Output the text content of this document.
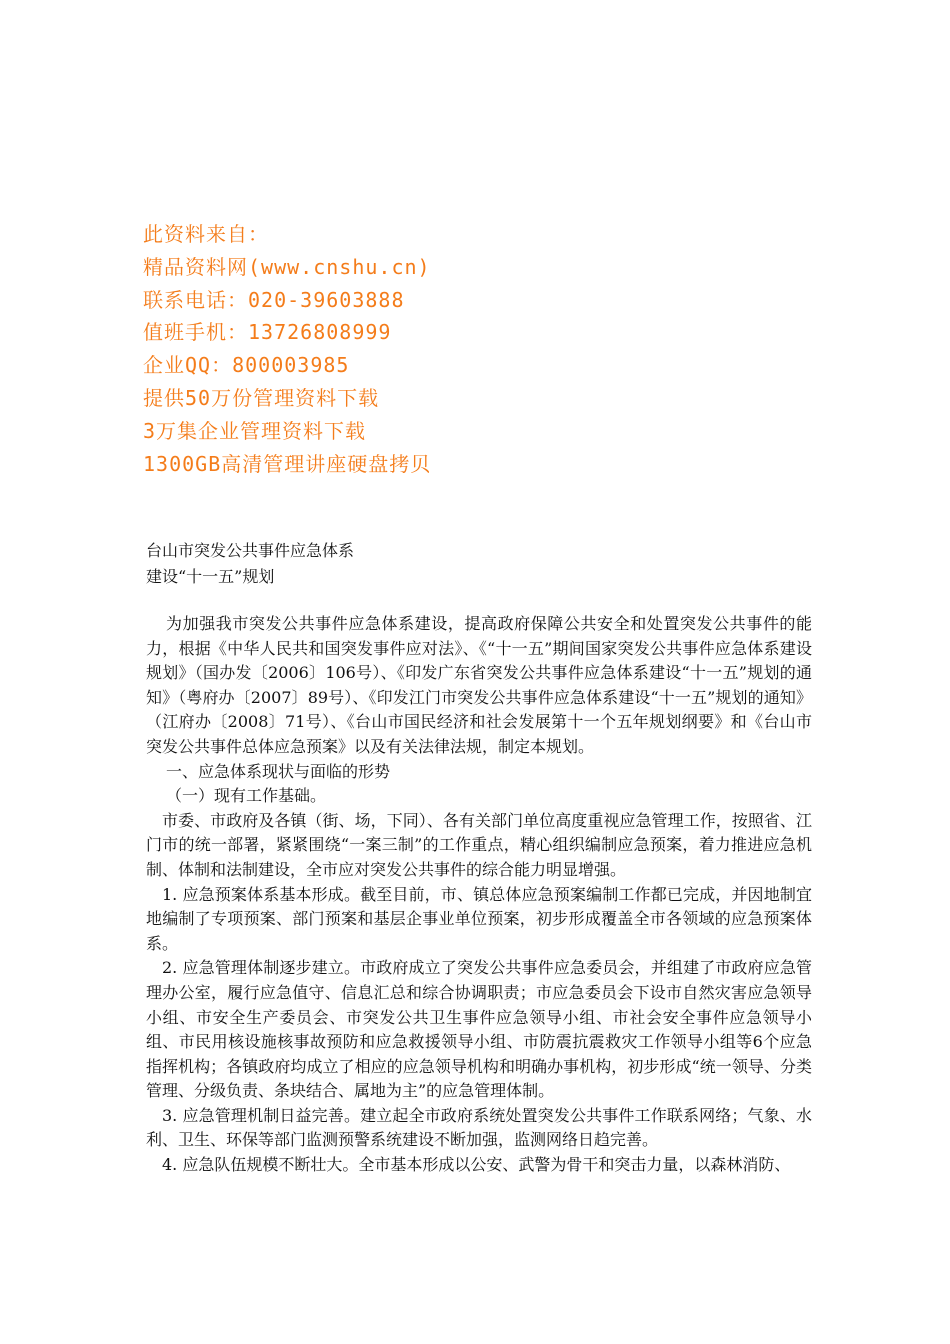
此资料来自：
精品资料网(www.cnshu.cn)
联系电话：020-39603888
值班手机：13726808999
企业QQ：800003985
提供50万份管理资料下载
3万集企业管理资料下载
1300GB高清管理讲座硬盘拷贝
台山市突发公共事件应急体系
建设“十一五”规划

为加强我市突发公共事件应急体系建设，提高政府保障公共安全和处置突发公共事件的能力，根据《中华人民共和国突发事件应对法》、《“十一五”期间国家突发公共事件应急体系建设规划》（国办发〔2006〕106号）、《印发广东省突发公共事件应急体系建设“十一五”规划的通知》（粤府办〔2007〕89号）、《印发江门市突发公共事件应急体系建设“十一五”规划的通知》（江府办〔2008〕71号）、《台山市国民经济和社会发展第十一个五年规划纲要》和《台山市突发公共事件总体应急预案》以及有关法律法规，制定本规划。

一、应急体系现状与面临的形势

（一）现有工作基础。

市委、市政府及各镇（街、场，下同）、各有关部门单位高度重视应急管理工作，按照省、江门市的统一部署，紧紧围绕“一案三制”的工作重点，精心组织编制应急预案，着力推进应急机制、体制和法制建设，全市应对突发公共事件的综合能力明显增强。

1. 应急预案体系基本形成。截至目前，市、镇总体应急预案编制工作都已完成，并因地制宜地编制了专项预案、部门预案和基层企事业单位预案，初步形成覆盖全市各领域的应急预案体系。

2. 应急管理体制逐步建立。市政府成立了突发公共事件应急委员会，并组建了市政府应急管理办公室，履行应急值守、信息汇总和综合协调职责；市应急委员会下设市自然灾害应急领导小组、市安全生产委员会、市突发公共卫生事件应急领导小组、市社会安全事件应急领导小组、市民用核设施核事故预防和应急救援领导小组、市防震抗震救灾工作领导小组等6个应急指挥机构；各镇政府均成立了相应的应急领导机构和明确办事机构，初步形成“统一领导、分类管理、分级负责、条块结合、属地为主”的应急管理体制。

3. 应急管理机制日益完善。建立起全市政府系统处置突发公共事件工作联系网络；气象、水利、卫生、环保等部门监测预警系统建设不断加强，监测网络日趋完善。

4. 应急队伍规模不断壮大。全市基本形成以公安、武警为骨干和突击力量，以森林消防、
